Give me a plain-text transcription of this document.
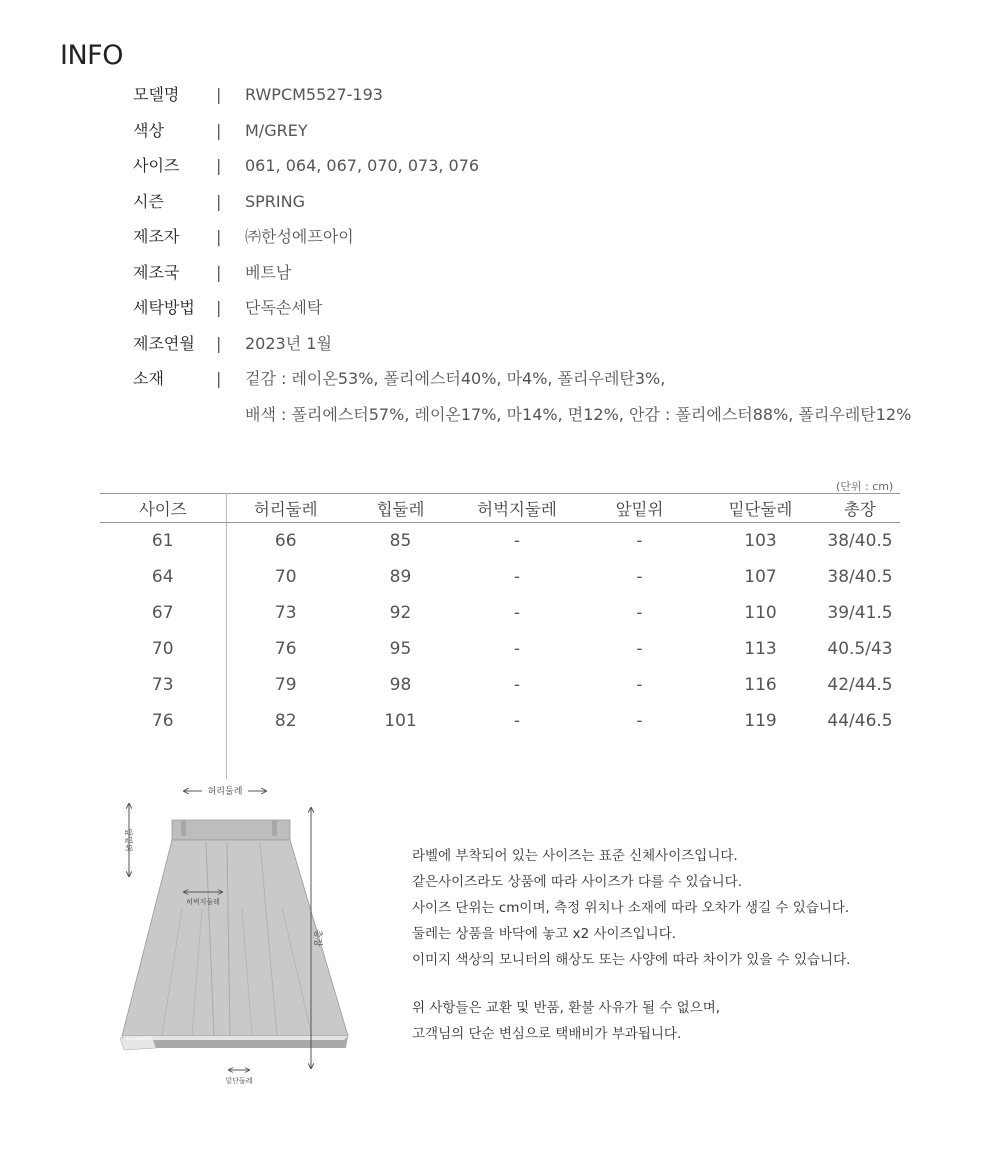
INFO
모델명 | RWPCM5527-193
색상	| M/GREY
사이즈 | 061, 064, 067, 070, 073, 076
시즌	| SPRING
제조자 | ㈜한성에프아이
제조국 | 베트남
세탁방법 | 단독손세탁
제조연월 | 2023년 1월
소재	| 겉감 : 레이온53%, 폴리에스터40%, 마4%, 폴리우레탄3%,
배색 : 폴리에스터57%, 레이온17%, 마14%, 면12%, 안감 : 폴리에스터88%, 폴리우레탄12%
(단위 : cm)
사이즈	허리둘레	힙둘레	허벅지둘레	앞밑위	밑단둘레	총장
61	66	85	-	-	103	38/40.5
64	70	89	-	-	107	38/40.5
67	73	92	-	-	110	39/41.5
70	76	95	-	-	113	40.5/43
73	79	98	-	-	116	42/44.5
76	82	101	-	-	119	44/46.5

허리둘레
앞밑위
허벅지둘레
총장
밑단둘레

라벨에 부착되어 있는 사이즈는 표준 신체사이즈입니다.

같은사이즈라도 상품에 따라 사이즈가 다를 수 있습니다.

사이즈 단위는 cm이며, 측정 위치나 소재에 따라 오차가 생길 수 있습니다.

둘레는 상품을 바닥에 놓고 x2 사이즈입니다.

이미지 색상의 모니터의 해상도 또는 사양에 따라 차이가 있을 수 있습니다.

위 사항들은 교환 및 반품, 환불 사유가 될 수 없으며,

고객님의 단순 변심으로 택배비가 부과됩니다.
